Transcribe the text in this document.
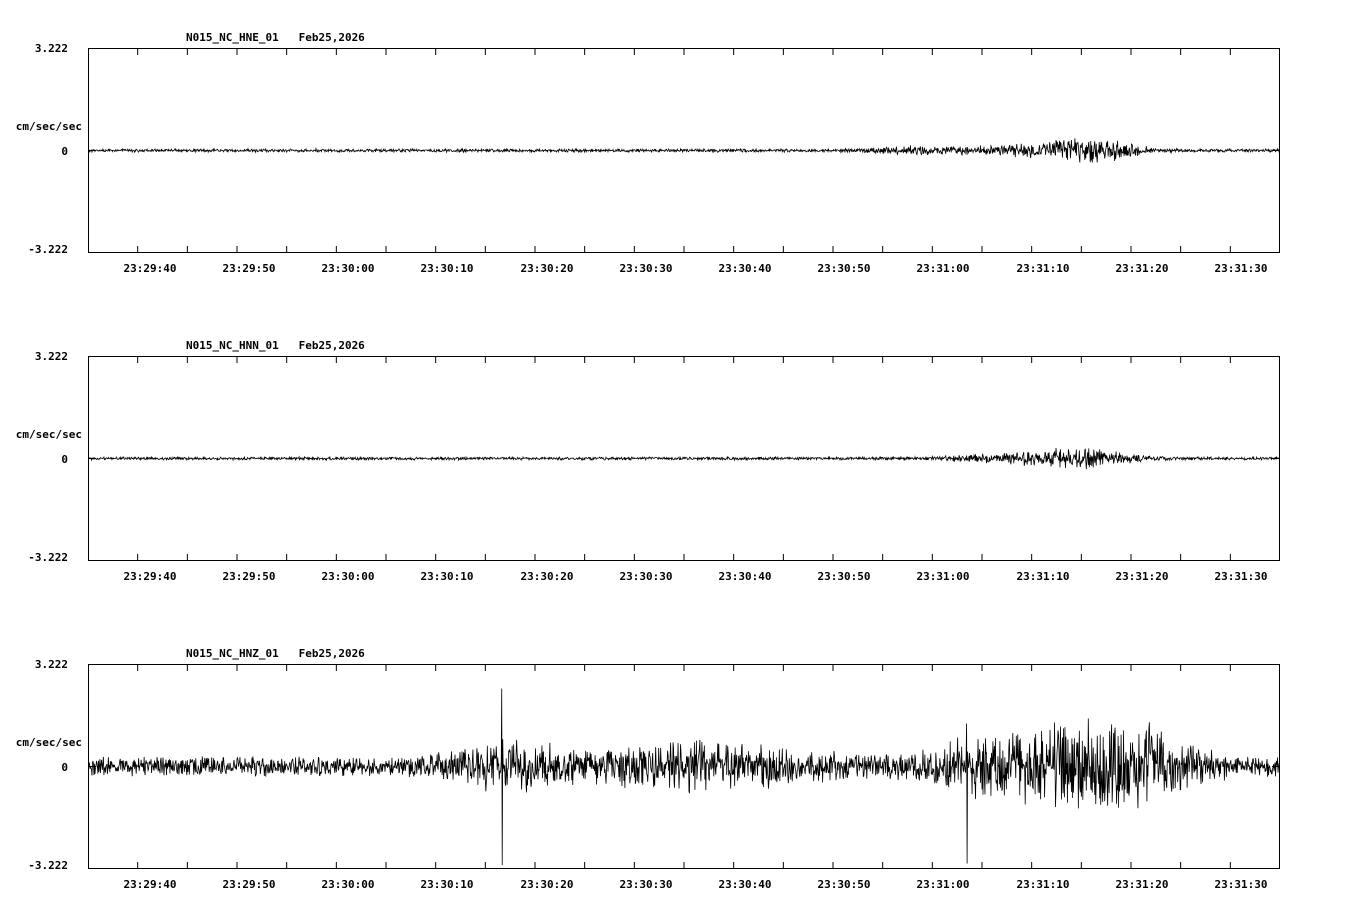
N015_NC_HNE_01   Feb25,2026
cm/sec/sec
3.222
0
-3.222
23:29:40	23:29:50	23:30:00	23:30:10	23:30:20	23:30:30	23:30:40	23:30:50	23:31:00	23:31:10	23:31:20	23:31:30
N015_NC_HNN_01   Feb25,2026
cm/sec/sec
3.222
0
-3.222
23:29:40	23:29:50	23:30:00	23:30:10	23:30:20	23:30:30	23:30:40	23:30:50	23:31:00	23:31:10	23:31:20	23:31:30
N015_NC_HNZ_01   Feb25,2026
cm/sec/sec
3.222
0
-3.222
23:29:40	23:29:50	23:30:00	23:30:10	23:30:20	23:30:30	23:30:40	23:30:50	23:31:00	23:31:10	23:31:20	23:31:30
